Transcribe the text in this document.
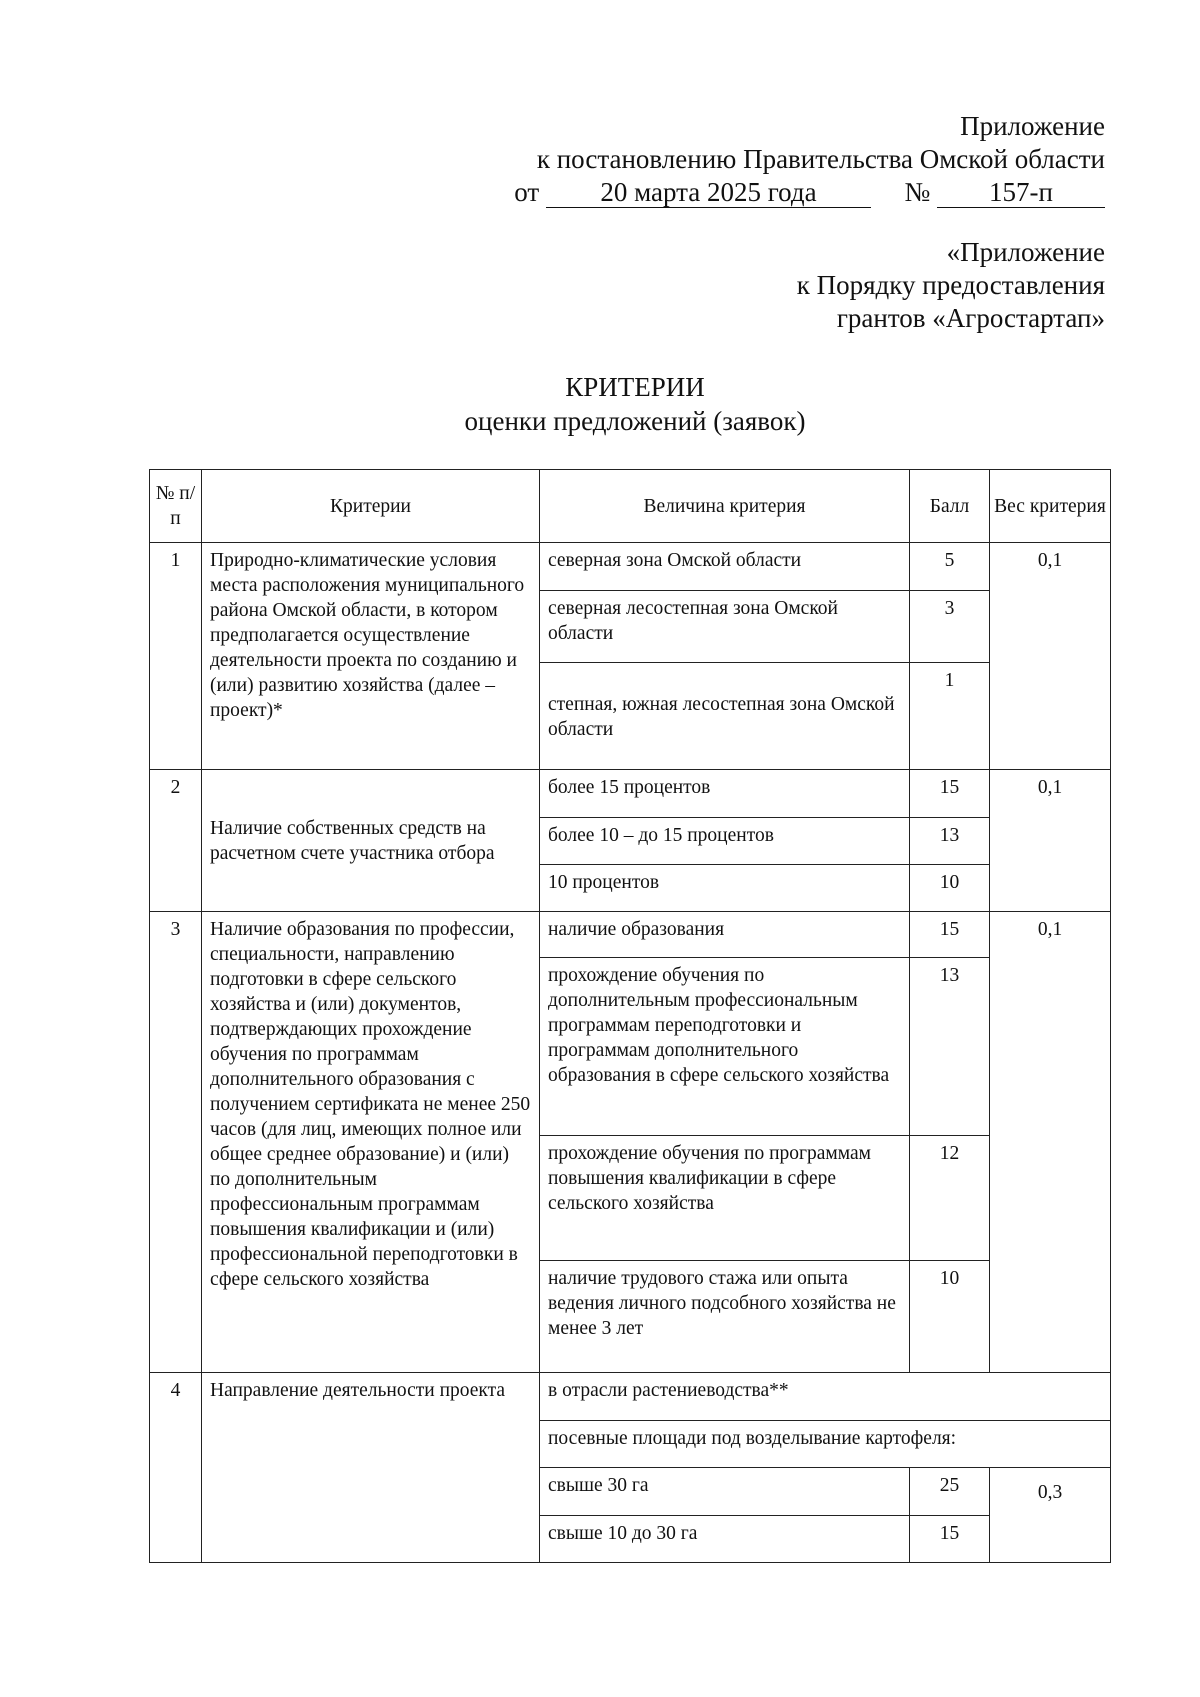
Приложение
к постановлению Правительства Омской области
от 20 марта 2025 года	№ 157-п
«Приложение
к Порядку предоставления
грантов «Агростартап»
КРИТЕРИИ
оценки предложений (заявок)
№ п/п	Критерии	Величина критерия	Балл	Вес критерия
1	Природно-климатические условия места расположения муниципального района Омской области, в котором предполагается осуществление деятельности проекта по созданию и (или) развитию хозяйства (далее – проект)*	северная зона Омской области	5	0,1
		северная лесостепная зона Омской области	3	
		степная, южная лесостепная зона Омской области	1	
2	Наличие собственных средств на расчетном счете участника отбора	более 15 процентов	15	0,1
		более 10 – до 15 процентов	13	
		10 процентов	10	
3	Наличие образования по профессии, специальности, направлению подготовки в сфере сельского хозяйства и (или) документов, подтверждающих прохождение обучения по программам дополнительного образования с получением сертификата не менее 250 часов (для лиц, имеющих полное или общее среднее образование) и (или) по дополнительным профессиональным программам повышения квалификации и (или) профессиональной переподготовки в сфере сельского хозяйства	наличие образования	15	0,1
		прохождение обучения по дополнительным профессиональным программам переподготовки и программам дополнительного образования в сфере сельского хозяйства	13	
		прохождение обучения по программам повышения квалификации в сфере сельского хозяйства	12	
		наличие трудового стажа или опыта ведения личного подсобного хозяйства не менее 3 лет	10	
4	Направление деятельности проекта	в отрасли растениеводства**		
		посевные площади под возделывание картофеля:		
		свыше 30 га	25	0,3
		свыше 10 до 30 га	15	
